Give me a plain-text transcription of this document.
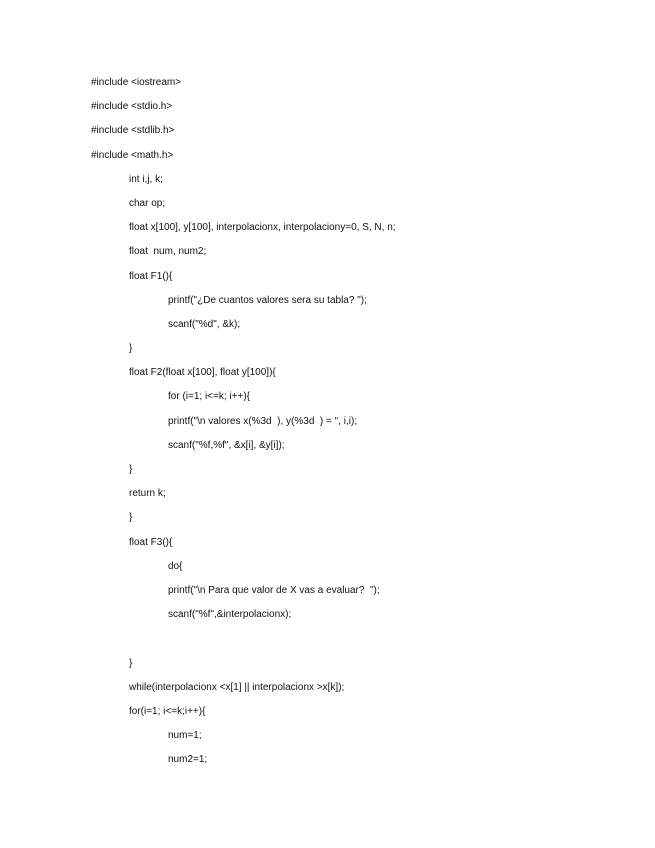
#include <iostream>
#include <stdio.h>
#include <stdlib.h>
#include <math.h>
int i,j, k;
char op;
float x[100], y[100], interpolacionx, interpolaciony=0, S, N, n;
float  num, num2;
float F1(){
printf("¿De cuantos valores sera su tabla? ");
scanf("%d", &k);
}
float F2(float x[100], float y[100]){
for (i=1; i<=k; i++){
printf("\n valores x(%3d  ), y(%3d  ) = ", i,i);
scanf("%f,%f", &x[i], &y[i]);
}
return k;
}
float F3(){
do{
printf("\n Para que valor de X vas a evaluar?  ");
scanf("%f",&interpolacionx);
}
while(interpolacionx <x[1] || interpolacionx >x[k]);
for(i=1; i<=k;i++){
num=1;
num2=1;
